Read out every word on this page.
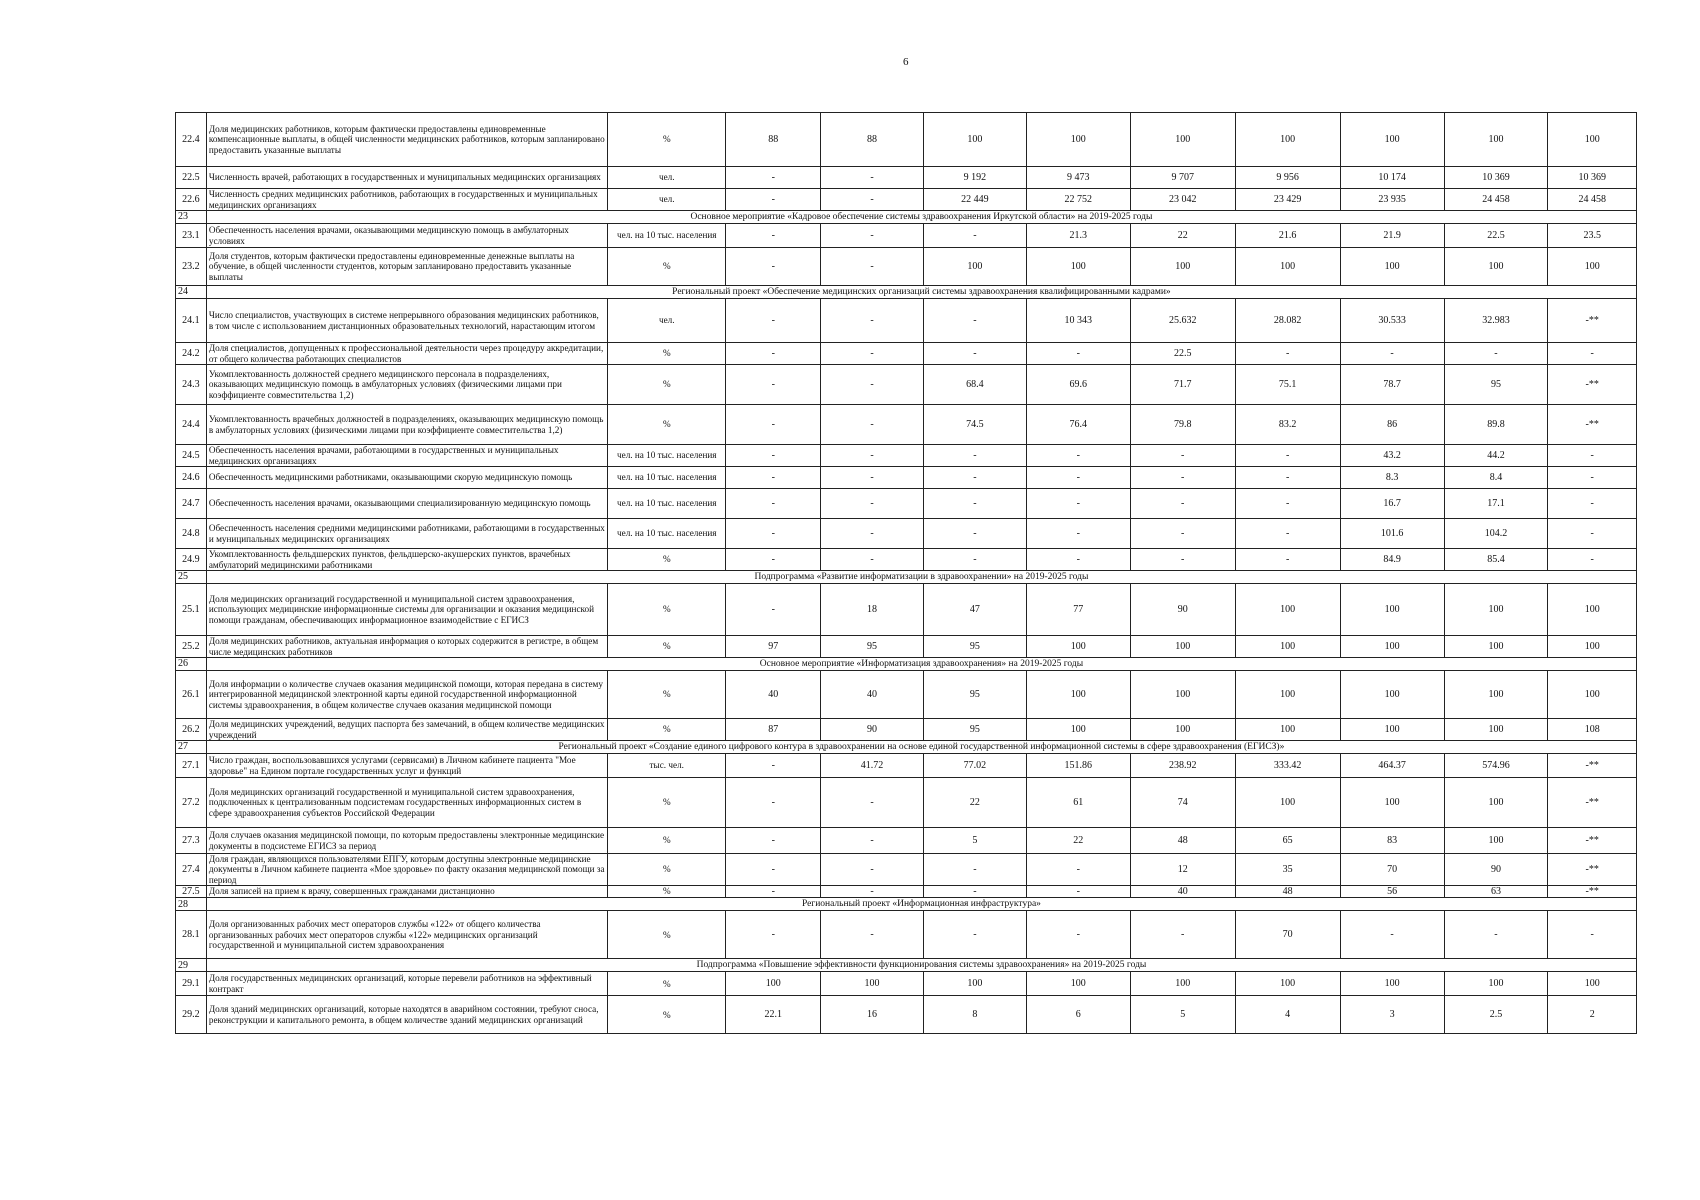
6
22.4	Доля медицинских работников, которым фактически предоставлены единовременные компенсационные выплаты, в общей численности медицинских работников, которым запланировано предоставить указанные выплаты	%	88	88	100	100	100	100	100	100	100
22.5	Численность врачей, работающих в государственных и муниципальных медицинских организациях	чел.	-	-	9 192	9 473	9 707	9 956	10 174	10 369	10 369
22.6	Численность средних медицинских работников, работающих в государственных и муниципальных медицинских организациях	чел.	-	-	22 449	22 752	23 042	23 429	23 935	24 458	24 458
23	Основное мероприятие «Кадровое обеспечение системы здравоохранения Иркутской области» на 2019-2025 годы										
23.1	Обеспеченность населения врачами, оказывающими медицинскую помощь в амбулаторных условиях	чел. на 10 тыс. населения	-	-	-	21.3	22	21.6	21.9	22.5	23.5
23.2	Доля студентов, которым фактически предоставлены единовременные денежные выплаты на обучение, в общей численности студентов, которым запланировано предоставить указанные выплаты	%	-	-	100	100	100	100	100	100	100
24	Региональный проект «Обеспечение медицинских организаций системы здравоохранения квалифицированными кадрами»										
24.1	Число специалистов, участвующих в системе непрерывного образования медицинских работников, в том числе с использованием дистанционных образовательных технологий, нарастающим итогом	чел.	-	-	-	10 343	25.632	28.082	30.533	32.983	-**
24.2	Доля специалистов, допущенных к профессиональной деятельности через процедуру аккредитации, от общего количества работающих специалистов	%	-	-	-	-	22.5	-	-	-	-
24.3	Укомплектованность должностей среднего медицинского персонала в подразделениях, оказывающих медицинскую помощь в амбулаторных условиях (физическими лицами при коэффициенте совместительства 1,2)	%	-	-	68.4	69.6	71.7	75.1	78.7	95	-**
24.4	Укомплектованность врачебных должностей в подразделениях, оказывающих медицинскую помощь в амбулаторных условиях (физическими лицами при коэффициенте совместительства 1,2)	%	-	-	74.5	76.4	79.8	83.2	86	89.8	-**
24.5	Обеспеченность населения врачами, работающими в государственных и муниципальных медицинских организациях	чел. на 10 тыс. населения	-	-	-	-	-	-	43.2	44.2	-
24.6	Обеспеченность медицинскими работниками, оказывающими скорую медицинскую помощь	чел. на 10 тыс. населения	-	-	-	-	-	-	8.3	8.4	-
24.7	Обеспеченность населения врачами, оказывающими специализированную медицинскую помощь	чел. на 10 тыс. населения	-	-	-	-	-	-	16.7	17.1	-
24.8	Обеспеченность населения средними медицинскими работниками, работающими в государственных и муниципальных медицинских организациях	чел. на 10 тыс. населения	-	-	-	-	-	-	101.6	104.2	-
24.9	Укомплектованность фельдшерских пунктов, фельдшерско-акушерских пунктов, врачебных амбулаторий медицинскими работниками	%	-	-	-	-	-	-	84.9	85.4	-
25	Подпрограмма «Развитие информатизации в здравоохранении» на 2019-2025 годы										
25.1	Доля медицинских организаций государственной и муниципальной систем здравоохранения, использующих медицинские информационные системы для организации и оказания медицинской помощи гражданам, обеспечивающих информационное взаимодействие с ЕГИСЗ	%	-	18	47	77	90	100	100	100	100
25.2	Доля медицинских работников, актуальная информация о которых содержится в регистре, в общем числе медицинских работников	%	97	95	95	100	100	100	100	100	100
26	Основное мероприятие «Информатизация здравоохранения» на 2019-2025 годы										
26.1	Доля информации о количестве случаев оказания медицинской помощи, которая передана в систему интегрированной медицинской электронной карты единой государственной информационной системы здравоохранения, в общем количестве случаев оказания медицинской помощи	%	40	40	95	100	100	100	100	100	100
26.2	Доля медицинских учреждений, ведущих паспорта без замечаний, в общем количестве медицинских учреждений	%	87	90	95	100	100	100	100	100	108
27	Региональный проект «Создание единого цифрового контура в здравоохранении на основе единой государственной информационной системы в сфере здравоохранения (ЕГИСЗ)»										
27.1	Число граждан, воспользовавшихся услугами (сервисами) в Личном кабинете пациента "Мое здоровье" на Едином портале государственных услуг и функций	тыс. чел.	-	41.72	77.02	151.86	238.92	333.42	464.37	574.96	-**
27.2	Доля медицинских организаций государственной и муниципальной систем здравоохранения, подключенных к централизованным подсистемам государственных информационных систем в сфере здравоохранения субъектов Российской Федерации	%	-	-	22	61	74	100	100	100	-**
27.3	Доля случаев оказания медицинской помощи, по которым предоставлены электронные медицинские документы в подсистеме ЕГИСЗ за период	%	-	-	5	22	48	65	83	100	-**
27.4	Доля граждан, являющихся пользователями ЕПГУ, которым доступны электронные медицинские документы в Личном кабинете пациента «Мое здоровье» по факту оказания медицинской помощи за период	%	-	-	-	-	12	35	70	90	-**
27.5	Доля записей на прием к врачу, совершенных гражданами дистанционно	%	-	-	-	-	40	48	56	63	-**
28	Региональный проект «Информационная инфраструктура»										
28.1	Доля организованных рабочих мест операторов службы «122» от общего количества организованных рабочих мест операторов службы «122» медицинских организаций государственной и муниципальной систем здравоохранения	%	-	-	-	-	-	70	-	-	-
29	Подпрограмма «Повышение эффективности функционирования системы здравоохранения» на 2019-2025 годы										
29.1	Доля государственных медицинских организаций, которые перевели работников на эффективный контракт	%	100	100	100	100	100	100	100	100	100
29.2	Доля зданий медицинских организаций, которые находятся в аварийном состоянии, требуют сноса, реконструкции и капитального ремонта, в общем количестве зданий медицинских организаций	%	22.1	16	8	6	5	4	3	2.5	2
